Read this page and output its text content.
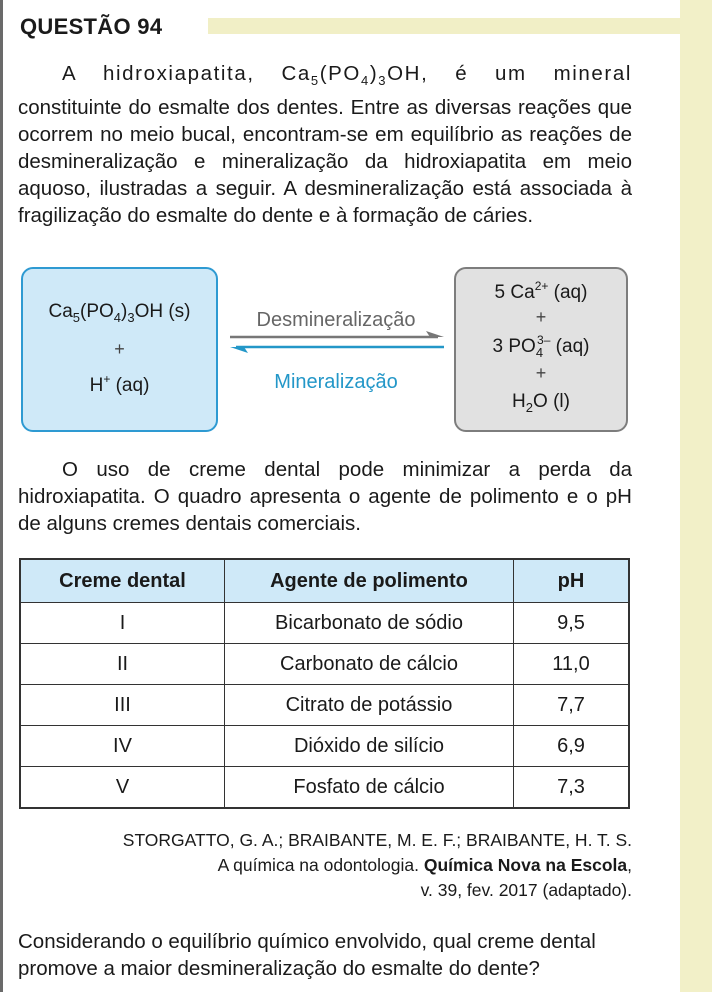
QUESTÃO 94
A hidroxiapatita, $Ca_5(PO_4)_3OH$, é um mineral constituinte do esmalte dos dentes. Entre as diversas reações que ocorrem no meio bucal, encontram-se em equilíbrio as reações de desmineralização e mineralização da hidroxiapatita em meio aquoso, ilustradas a seguir. A desmineralização está associada à fragilização do esmalte do dente e à formação de cáries.
$Ca_5(PO_4)_3OH$ (s)
+
H+ (aq)
Desmineralização
Mineralização
5 $Ca^{2+}$ (aq)
+
3 $PO_4^{3-}$ (aq)
+
$H_2O$ (l)
O uso de creme dental pode minimizar a perda da hidroxiapatita. O quadro apresenta o agente de polimento e o pH de alguns cremes dentais comerciais.
Creme dental	Agente de polimento	pH
I	Bicarbonato de sódio	9,5
II	Carbonato de cálcio	11,0
III	Citrato de potássio	7,7
IV	Dióxido de silício	6,9
V	Fosfato de cálcio	7,3
STORGATTO, G. A.; BRAIBANTE, M. E. F.; BRAIBANTE, H. T. S.
A química na odontologia. Química Nova na Escola,
v. 39, fev. 2017 (adaptado).
Considerando o equilíbrio químico envolvido, qual creme dental promove a maior desmineralização do esmalte do dente?
